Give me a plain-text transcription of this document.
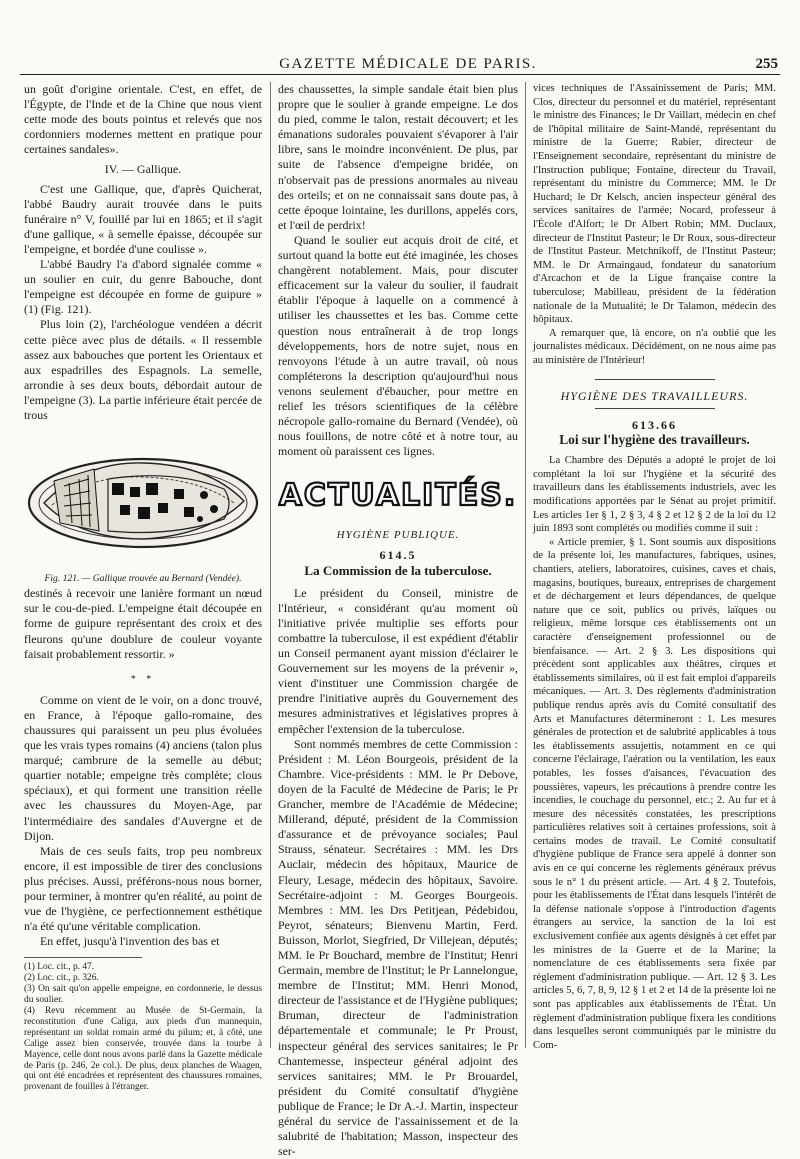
GAZETTE MÉDICALE DE PARIS.	255

un goût d'origine orientale. C'est, en effet, de l'Égypte, de l'Inde et de la Chine que nous vient cette mode des bouts pointus et relevés que nos cordonniers modernes mettent en pratique pour certaines sandales».

IV. — Gallique.

C'est une Gallique, que, d'après Quicherat, l'abbé Baudry aurait trouvée dans le puits funéraire n° V, fouillé par lui en 1865; et il s'agit d'une gallique, « à semelle épaisse, découpée sur l'empeigne, et bordée d'une coulisse ».

L'abbé Baudry l'a d'abord signalée comme « un soulier en cuir, du genre Babouche, dont l'empeigne est découpée en forme de guipure » (1) (Fig. 121).

Plus loin (2), l'archéologue vendéen a décrit cette pièce avec plus de détails. « Il ressemble assez aux babouches que portent les Orientaux et aux espadrilles des Espagnols. La semelle, arrondie à ses deux bouts, débordait autour de l'empeigne (3). La partie inférieure était percée de trous

Fig. 121. — Gallique trouvée au Bernard (Vendée).

destinés à recevoir une lanière formant un nœud sur le cou-de-pied. L'empeigne était découpée en forme de guipure représentant des croix et des fleurons qu'une doublure de couleur voyante faisait probablement ressortir. »

* *

Comme on vient de le voir, on a donc trouvé, en France, à l'époque gallo-romaine, des chaussures qui paraissent un peu plus évoluées que les vrais types romains (4) anciens (talon plus marqué; cambrure de la semelle au début; quartier notable; empeigne très complète; clous spéciaux), et qui forment une transition réelle avec les chaussures du Moyen-Age, par l'intermédiaire des sandales d'Auvergne et de Dijon.

Mais de ces seuls faits, trop peu nombreux encore, il est impossible de tirer des conclusions plus précises. Aussi, préférons-nous nous borner, pour terminer, à montrer qu'en réalité, au point de vue de l'hygiène, ce perfectionnement esthétique n'a été qu'une véritable complication.

En effet, jusqu'à l'invention des bas et

(1) Loc. cit., p. 47.

(2) Loc. cit., p. 326.

(3) On sait qu'on appelle empeigne, en cordonnerie, le dessus du soulier.

(4) Revu récemment au Musée de St-Germain, la reconstitution d'une Caliga, aux pieds d'un mannequin, représentant un soldat romain armé du pilum; et, à côté, une Calige assez bien conservée, trouvée dans la tourbe à Mayence, celle dont nous avons parlé dans la Gazette médicale de Paris (p. 246, 2e col.). De plus, deux planches de Waagen, qui ont été encadrées et représentent des chaussures romaines, provenant de fouilles à l'étranger.

des chaussettes, la simple sandale était bien plus propre que le soulier à grande empeigne. Le dos du pied, comme le talon, restait découvert; et les émanations sudorales pouvaient s'évaporer à l'air libre, sans le moindre inconvénient. De plus, par suite de l'absence d'empeigne bridée, on n'observait pas de pressions anormales au niveau des orteils; et on ne connaissait sans doute pas, à cette époque lointaine, les durillons, appelés cors, et l'œil de perdrix!

Quand le soulier eut acquis droit de cité, et surtout quand la botte eut été imaginée, les choses changèrent notablement. Mais, pour discuter efficacement sur la valeur du soulier, il faudrait établir l'époque à laquelle on a commencé à utiliser les chaussettes et les bas. Comme cette question nous entraînerait à de trop longs développements, hors de notre sujet, nous en renvoyons l'étude à un autre travail, où nous compléterons la description qu'aujourd'hui nous venons seulement d'ébaucher, pour mettre en relief les trésors scientifiques de la célèbre nécropole gallo-romaine du Bernard (Vendée), où nous fouillons, de notre côté et à notre tour, au moment où paraissent ces lignes.

ACTUALITÉS.
HYGIÈNE PUBLIQUE.
614.5
La Commission de la tuberculose.

Le président du Conseil, ministre de l'Intérieur, « considérant qu'au moment où l'initiative privée multiplie ses efforts pour combattre la tuberculose, il est expédient d'établir un Conseil permanent ayant mission d'éclairer le Gouvernement sur les moyens de la prévenir », vient d'instituer une Commission chargée de prendre l'initiative auprès du Gouvernement des mesures administratives et législatives propres à empêcher l'extension de la tuberculose.

Sont nommés membres de cette Commission : Président : M. Léon Bourgeois, président de la Chambre. Vice-présidents : MM. le Pr Debove, doyen de la Faculté de Médecine de Paris; le Pr Grancher, membre de l'Académie de Médecine; Millerand, député, président de la Commission d'assurance et de prévoyance sociales; Paul Strauss, sénateur. Secrétaires : MM. les Drs Auclair, médecin des hôpitaux, Maurice de Fleury, Lesage, médecin des hôpitaux, Savoire. Secrétaire-adjoint : M. Georges Bourgeois. Membres : MM. les Drs Petitjean, Pédebidou, Peyrot, sénateurs; Bienvenu Martin, Ferd. Buisson, Morlot, Siegfried, Dr Villejean, députés; MM. le Pr Bouchard, membre de l'Institut; Henri Germain, membre de l'Institut; le Pr Lannelongue, membre de l'Institut; MM. Henri Monod, directeur de l'assistance et de l'Hygiène publiques; Bruman, directeur de l'administration départementale et communale; le Pr Proust, inspecteur général des services sanitaires; le Pr Chantemesse, inspecteur général adjoint des services sanitaires; MM. le Pr Brouardel, président du Comité consultatif d'hygiène publique de France; le Dr A.-J. Martin, inspecteur général du service de l'assainissement et de la salubrité de l'habitation; Masson, inspecteur des ser-

vices techniques de l'Assainissement de Paris; MM. Clos, directeur du personnel et du matériel, représentant le ministre des Finances; le Dr Vaillart, médecin en chef de l'hôpital militaire de Saint-Mandé, représentant du ministre de la Guerre; Rabier, directeur de l'Enseignement secondaire, représentant du ministre de l'Instruction publique; Fontaine, directeur du Travail, représentant du ministre du Commerce; MM. le Dr Huchard; le Dr Kelsch, ancien inspecteur général des services sanitaires de l'armée; Nocard, professeur à l'École d'Alfort; le Dr Albert Robin; MM. Duclaux, directeur de l'Institut Pasteur; le Dr Roux, sous-directeur de l'Institut Pasteur. Metchnikoff, de l'Institut Pasteur; MM. le Dr Armaingaud, fondateur du sanatorium d'Arcachon et de la Ligue française contre la tuberculose; Mabilleau, président de la fédération nationale de la Mutualité; le Dr Talamon, médecin des hôpitaux.

A remarquer que, là encore, on n'a oublié que les journalistes médicaux. Décidément, on ne nous aime pas au ministère de l'Intérieur!

HYGIÈNE DES TRAVAILLEURS.
613.66
Loi sur l'hygiène des travailleurs.

La Chambre des Députés a adopté le projet de loi complétant la loi sur l'hygiène et la sécurité des travailleurs dans les établissements industriels, avec les modifications apportées par le Sénat au projet primitif. Les articles 1er § 1, 2 § 3, 4 § 2 et 12 § 2 de la loi du 12 juin 1893 sont complétés ou modifiés comme il suit :

« Article premier, § 1. Sont soumis aux dispositions de la présente loi, les manufactures, fabriques, usines, chantiers, ateliers, laboratoires, cuisines, caves et chais, magasins, boutiques, bureaux, entreprises de chargement et de déchargement et leurs dépendances, de quelque nature que ce soit, publics ou privés, laïques ou religieux, même lorsque ces établissements ont un caractère d'enseignement professionnel ou de bienfaisance. — Art. 2 § 3. Les dispositions qui précèdent sont applicables aux théâtres, cirques et établissements similaires, où il est fait emploi d'appareils mécaniques. — Art. 3. Des règlements d'administration publique rendus après avis du Comité consultatif des Arts et Manufactures détermineront : 1. Les mesures générales de protection et de salubrité applicables à tous les établissements assujettis, notamment en ce qui concerne l'éclairage, l'aération ou la ventilation, les eaux potables, les fosses d'aisances, l'évacuation des poussières, vapeurs, les précautions à prendre contre les incendies, le couchage du personnel, etc.; 2. Au fur et à mesure des nécessités constatées, les prescriptions particulières relatives soit à certaines professions, soit à certains modes de travail. Le Comité consultatif d'hygiène publique de France sera appelé à donner son avis en ce qui concerne les règlements généraux prévus sous le n° 1 du présent article. — Art. 4 § 2. Toutefois, pour les établissements de l'État dans lesquels l'intérêt de la défense nationale s'oppose à l'introduction d'agents étrangers au service, la sanction de la loi est exclusivement confiée aux agents désignés à cet effet par les ministres de la Guerre et de la Marine; la nomenclature de ces établissements sera fixée par règlement d'administration publique. — Art. 12 § 3. Les articles 5, 6, 7, 8, 9, 12 § 1 et 2 et 14 de la présente loi ne sont pas applicables aux établissements de l'État. Un règlement d'administration publique fixera les conditions dans lesquelles seront communiqués par le ministre du Com-
